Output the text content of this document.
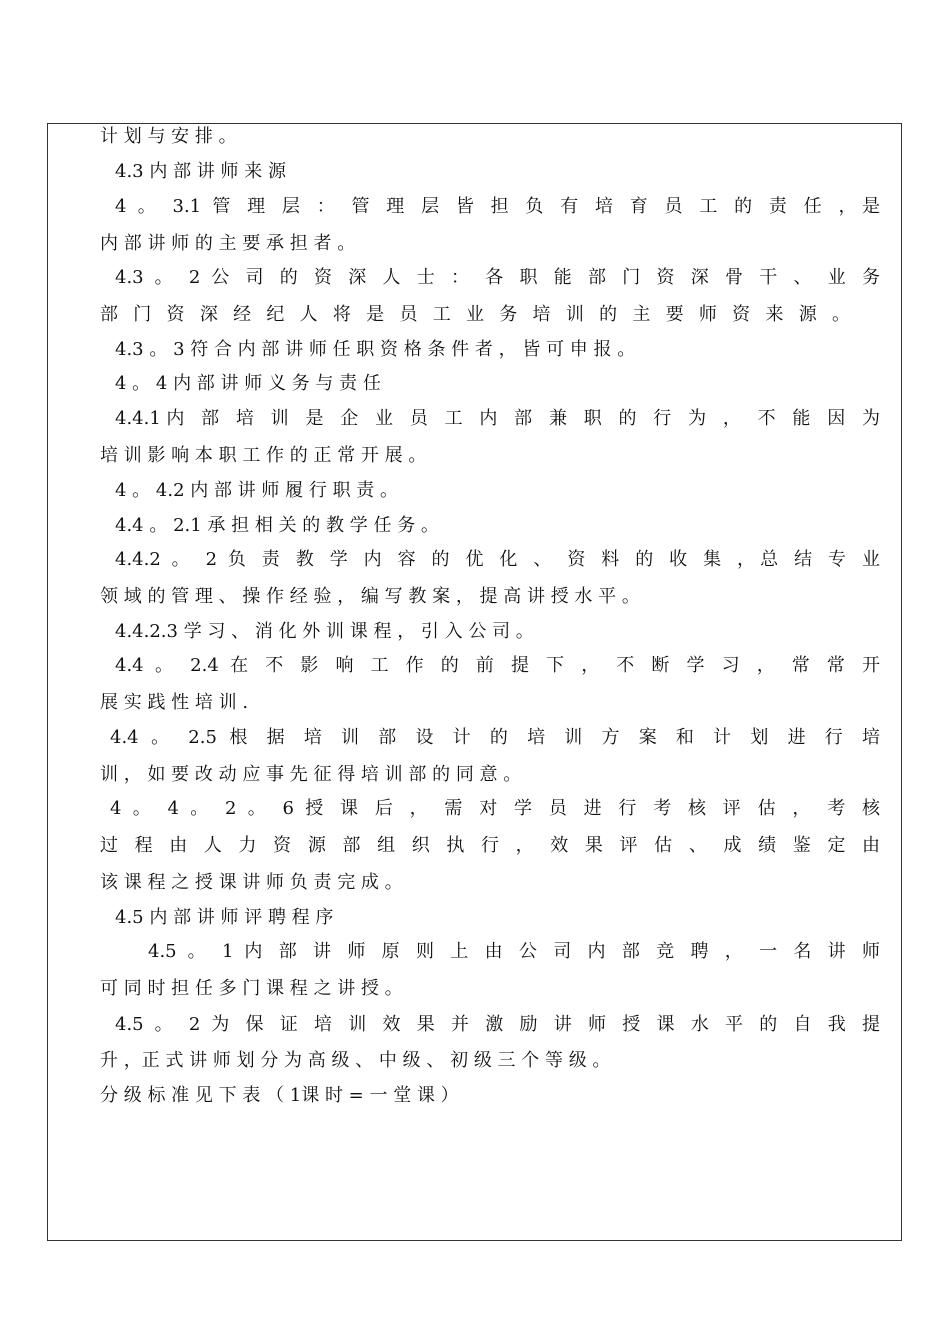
计 划 与 安 排 。
4.3 内 部 讲 师 来 源
4 。 3.1 管 理 层 ： 管 理 层 皆 担 负 有 培 育 员 工 的 责 任 ，是
内 部 讲 师 的 主 要 承 担 者 。
4.3 。 2 公 司 的 资 深 人 士 ： 各 职 能 部 门 资 深 骨 干 、 业 务
部 门 资 深 经 纪 人 将 是 员 工 业 务 培 训 的 主 要 师 资 来 源 。
4.3 。 3 符 合 内 部 讲 师 任 职 资 格 条 件 者 ， 皆 可 申 报 。
4 。 4 内 部 讲 师 义 务 与 责 任
4.4.1内 部 培 训 是 企 业 员 工 内 部 兼 职 的 行 为 ， 不 能 因 为
培 训 影 响 本 职 工 作 的 正 常 开 展 。
4 。 4.2 内 部 讲 师 履 行 职 责 。
4.4 。 2.1 承 担 相 关 的 教 学 任 务 。
4.4.2 。 2 负 责 教 学 内 容 的 优 化 、 资 料 的 收 集 ，总 结 专 业
领 域 的 管 理 、 操 作 经 验 ， 编 写 教 案 ， 提 高 讲 授 水 平 。
4.4.2.3 学 习 、 消 化 外 训 课 程 ， 引 入 公 司 。
4.4 。 2.4 在 不 影 响 工 作 的 前 提 下 ， 不 断 学 习 ， 常 常 开
展 实 践 性 培 训 .
4.4 。 2.5 根 据 培 训 部 设 计 的 培 训 方 案 和 计 划 进 行 培
训 ， 如 要 改 动 应 事 先 征 得 培 训 部 的 同 意 。
4 。 4 。 2 。 6 授 课 后 ， 需 对 学 员 进 行 考 核 评 估 ， 考 核
过 程 由 人 力 资 源 部 组 织 执 行 ， 效 果 评 估 、 成 绩 鉴 定 由
该 课 程 之 授 课 讲 师 负 责 完 成 。
4.5 内 部 讲 师 评 聘 程 序
4.5 。 1 内 部 讲 师 原 则 上 由 公 司 内 部 竞 聘 ， 一 名 讲 师
可 同 时 担 任 多 门 课 程 之 讲 授 。
4.5 。 2 为 保 证 培 训 效 果 并 激 励 讲 师 授 课 水 平 的 自 我 提
升 ，正 式 讲 师 划 分 为 高 级 、 中 级 、 初 级 三 个 等 级 。
分 级 标 准 见 下 表 （ 1课 时 = 一 堂 课 ）
